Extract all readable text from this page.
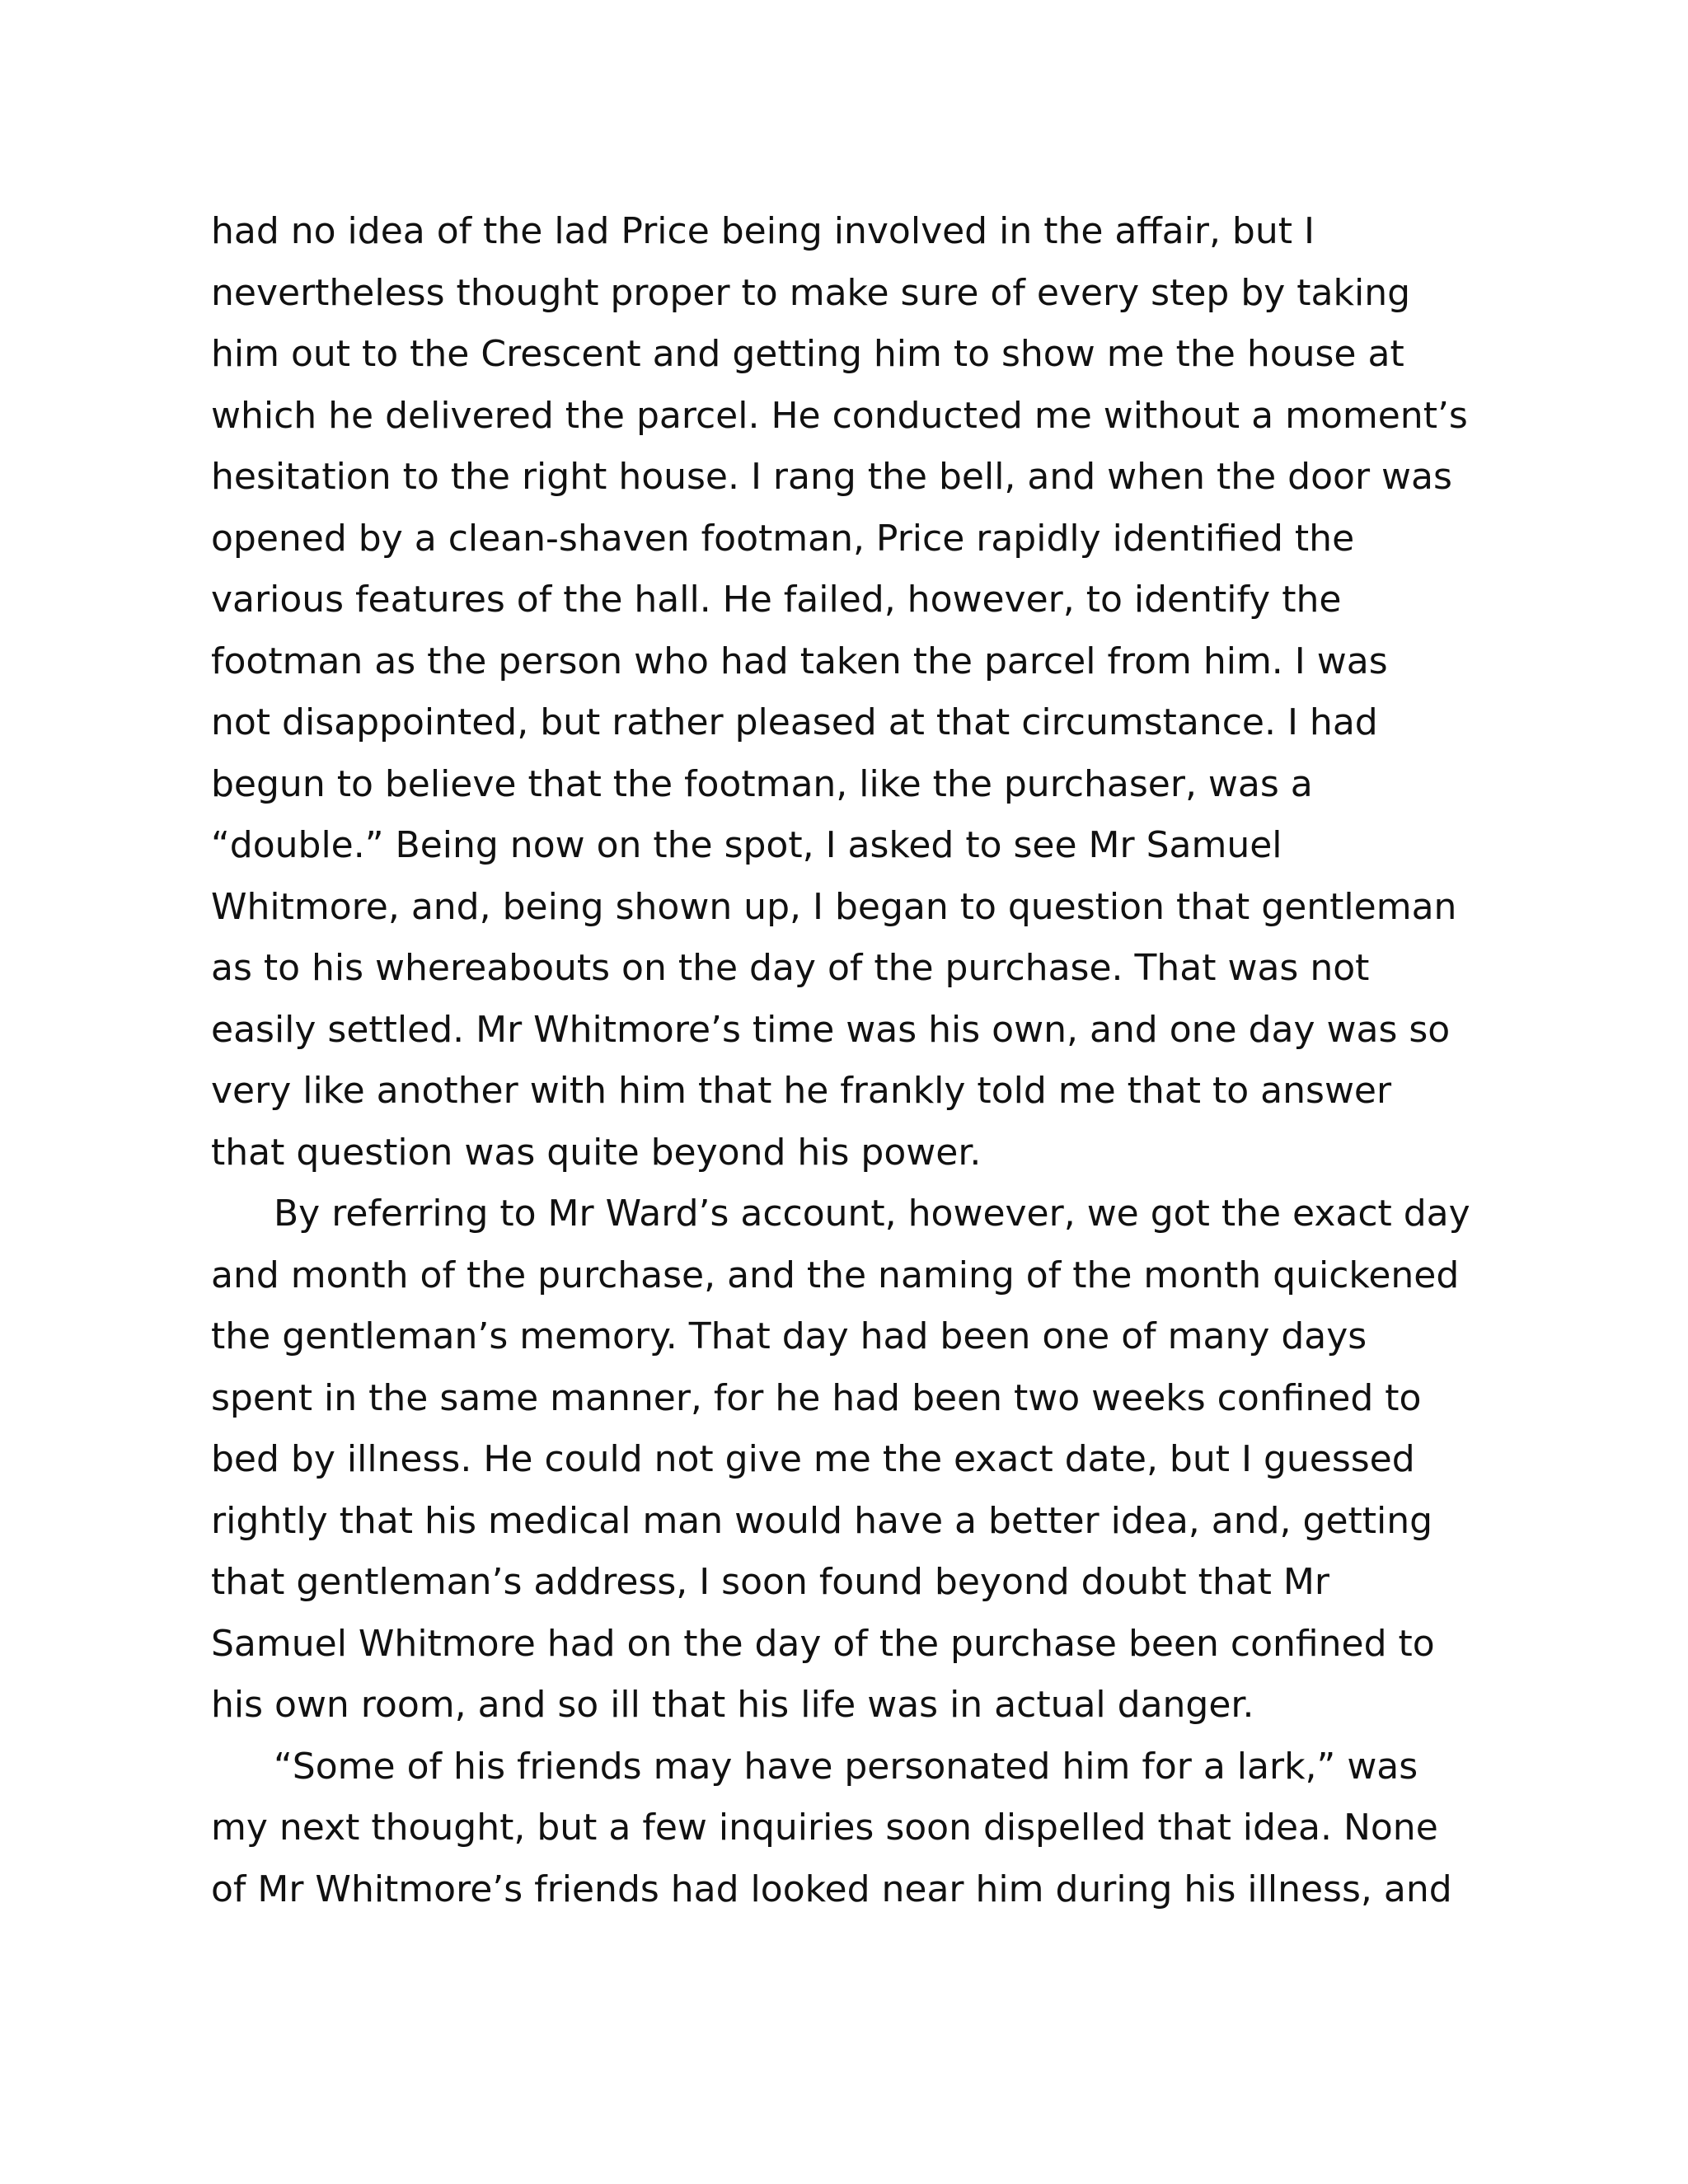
had no idea of the lad Price being involved in the affair, but I
nevertheless thought proper to make sure of every step by taking
him out to the Crescent and getting him to show me the house at
which he delivered the parcel. He conducted me without a moment’s
hesitation to the right house. I rang the bell, and when the door was
opened by a clean-shaven footman, Price rapidly identified the
various features of the hall. He failed, however, to identify the
footman as the person who had taken the parcel from him. I was
not disappointed, but rather pleased at that circumstance. I had
begun to believe that the footman, like the purchaser, was a
“double.” Being now on the spot, I asked to see Mr Samuel
Whitmore, and, being shown up, I began to question that gentleman
as to his whereabouts on the day of the purchase. That was not
easily settled. Mr Whitmore’s time was his own, and one day was so
very like another with him that he frankly told me that to answer
that question was quite beyond his power.
By referring to Mr Ward’s account, however, we got the exact day
and month of the purchase, and the naming of the month quickened
the gentleman’s memory. That day had been one of many days
spent in the same manner, for he had been two weeks confined to
bed by illness. He could not give me the exact date, but I guessed
rightly that his medical man would have a better idea, and, getting
that gentleman’s address, I soon found beyond doubt that Mr
Samuel Whitmore had on the day of the purchase been confined to
his own room, and so ill that his life was in actual danger.
“Some of his friends may have personated him for a lark,” was
my next thought, but a few inquiries soon dispelled that idea. None
of Mr Whitmore’s friends had looked near him during his illness, and
